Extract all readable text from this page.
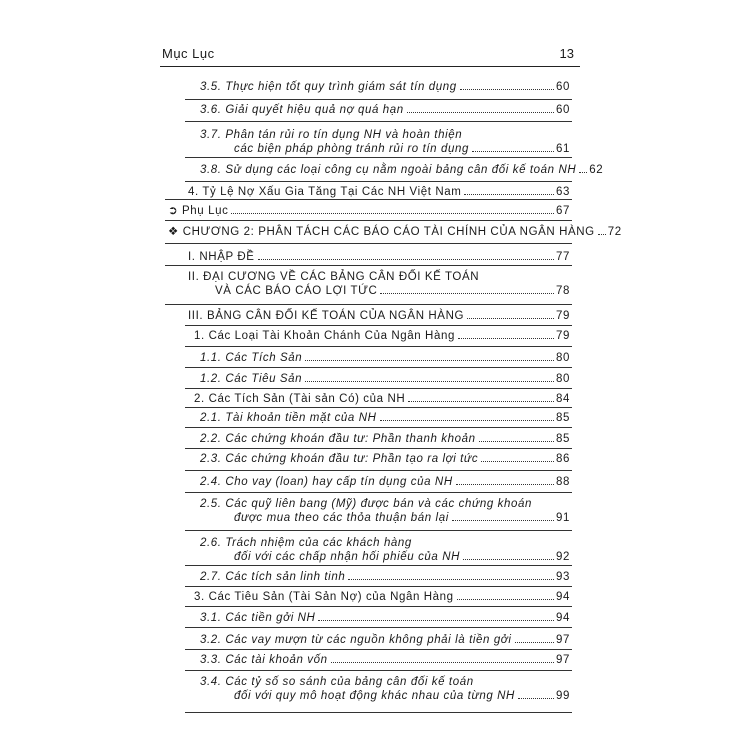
Mục Lục	13
3.5. Thực hiện tốt quy trình giám sát tín dụng	60
3.6. Giải quyết hiệu quả nợ quá hạn	60
3.7. Phân tán rủi ro tín dụng NH và hoàn thiện
các biện pháp phòng tránh rủi ro tín dụng	61
3.8. Sử dụng các loại công cụ nằm ngoài bảng cân đối kế toán NH 62
4. Tỷ Lệ Nợ Xấu Gia Tăng Tại Các NH Việt Nam	63
➲ Phụ Lục	67
❖ CHƯƠNG 2: PHÂN TÁCH CÁC BÁO CÁO TÀI CHÍNH CỦA NGÂN HÀNG 72
I. NHẬP ĐỀ	77
II. ĐẠI CƯƠNG VỀ CÁC BẢNG CÂN ĐỐI KẾ TOÁN
VÀ CÁC BÁO CÁO LỢI TỨC	78
III. BẢNG CÂN ĐỐI KẾ TOÁN CỦA NGÂN HÀNG	79
1. Các Loại Tài Khoản Chánh Của Ngân Hàng	79
1.1. Các Tích Sản	80
1.2. Các Tiêu Sản	80
2. Các Tích Sản (Tài sản Có) của NH	84
2.1. Tài khoản tiền mặt của NH	85
2.2. Các chứng khoán đầu tư: Phần thanh khoản	85
2.3. Các chứng khoán đầu tư: Phần tạo ra lợi tức	86
2.4. Cho vay (loan) hay cấp tín dụng của NH	88
2.5. Các quỹ liên bang (Mỹ) được bán và các chứng khoán
được mua theo các thỏa thuận bán lại	91
2.6. Trách nhiệm của các khách hàng
đối với các chấp nhận hối phiếu của NH	92
2.7. Các tích sản linh tinh	93
3. Các Tiêu Sản (Tài Sản Nợ) của Ngân Hàng	94
3.1. Các tiền gởi NH	94
3.2. Các vay mượn từ các nguồn không phải là tiền gởi	97
3.3. Các tài khoản vốn	97
3.4. Các tỷ số so sánh của bảng cân đối kế toán
đối với quy mô hoạt động khác nhau của từng NH	99
